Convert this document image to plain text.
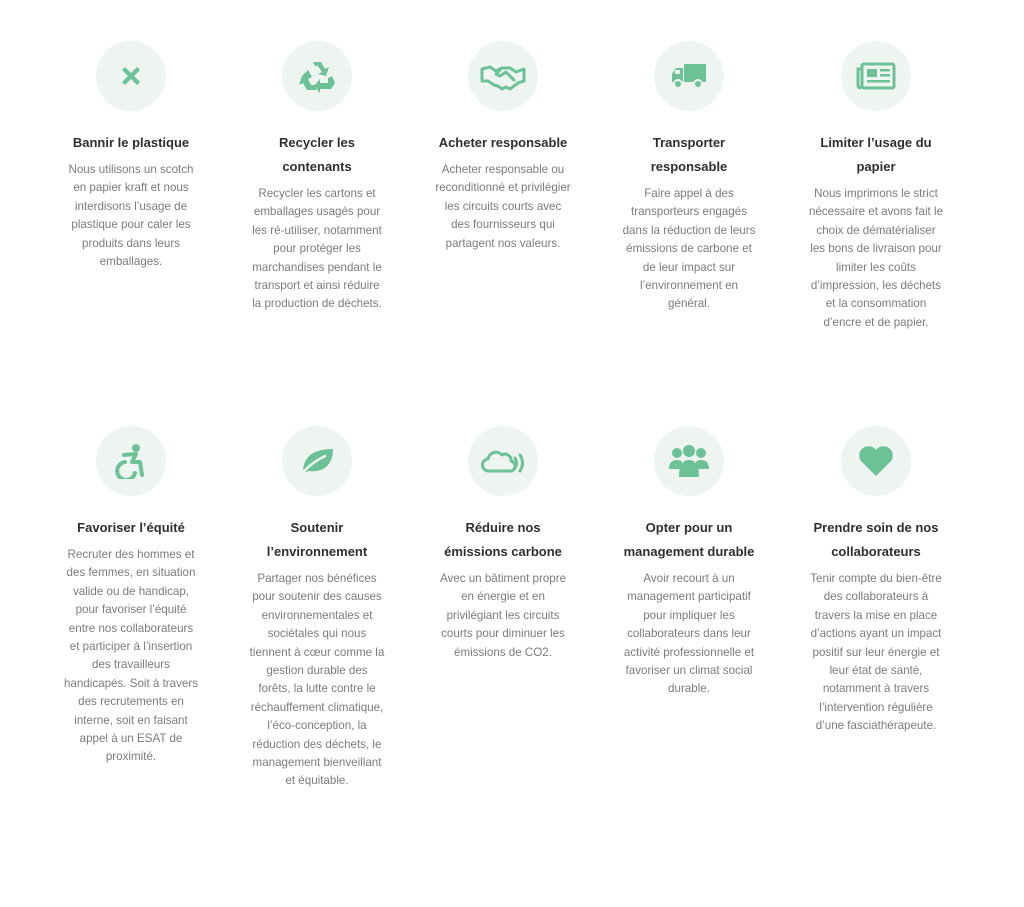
Bannir le plastique
Nous utilisons un scotch en papier kraft et nous interdisons l’usage de plastique pour caler les produits dans leurs emballages.
Recycler les contenants
Recycler les cartons et emballages usagés pour les ré-utiliser, notamment pour protéger les marchandises pendant le transport et ainsi réduire la production de déchets.
Acheter responsable
Acheter responsable ou reconditionné et privilégier les circuits courts avec des fournisseurs qui partagent nos valeurs.
Transporter responsable
Faire appel à des transporteurs engagés dans la réduction de leurs émissions de carbone et de leur impact sur l’environnement en général.
Limiter l’usage du papier
Nous imprimons le strict nécessaire et avons fait le choix de dématérialiser les bons de livraison pour limiter les coûts d’impression, les déchets et la consommation d’encre et de papier.
Favoriser l’équité
Recruter des hommes et des femmes, en situation valide ou de handicap, pour favoriser l’équité entre nos collaborateurs et participer à l’insertion des travailleurs handicapés. Soit à travers des recrutements en interne, soit en faisant appel à un ESAT de proximité.
Soutenir l’environnement
Partager nos bénéfices pour soutenir des causes environnementales et sociétales qui nous tiennent à cœur comme la gestion durable des forêts, la lutte contre le réchauffement climatique, l’éco-conception, la réduction des déchets, le management bienveillant et équitable.
Réduire nos émissions carbone
Avec un bâtiment propre en énergie et en privilégiant les circuits courts pour diminuer les émissions de CO2.
Opter pour un management durable
Avoir recourt à un management participatif pour impliquer les collaborateurs dans leur activité professionnelle et favoriser un climat social durable.
Prendre soin de nos collaborateurs
Tenir compte du bien-être des collaborateurs à travers la mise en place d’actions ayant un impact positif sur leur énergie et leur état de santé, notamment à travers l’intervention régulière d’une fasciathérapeute.
